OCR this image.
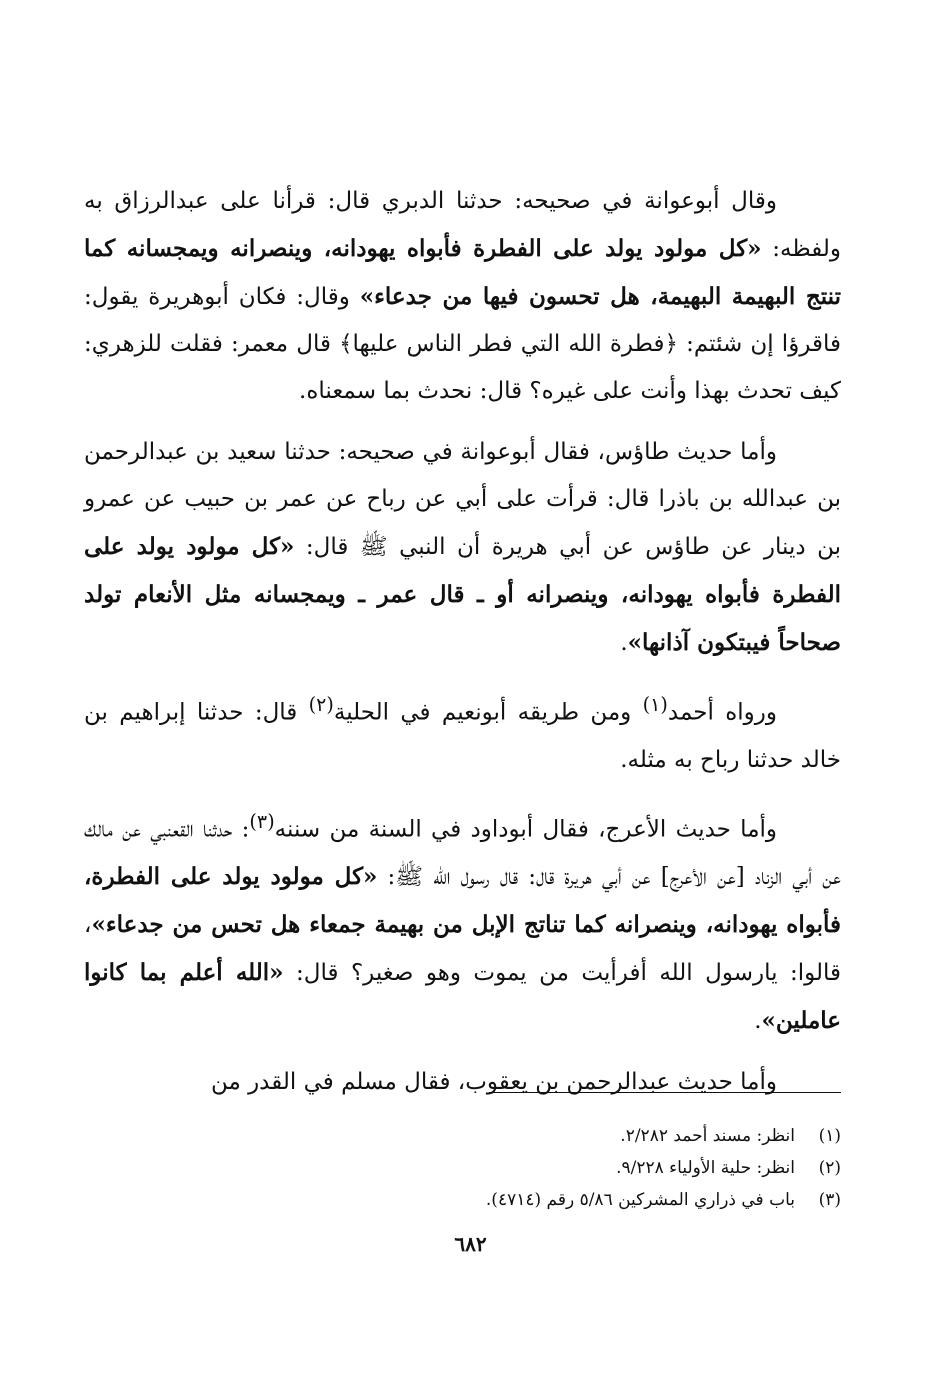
وقال أبوعوانة في صحيحه: حدثنا الدبري قال: قرأنا على عبدالرزاق به ولفظه: «كل مولود يولد على الفطرة فأبواه يهودانه، وينصرانه ويمجسانه كما تنتج البهيمة البهيمة، هل تحسون فيها من جدعاء» وقال: فكان أبوهريرة يقول: فاقرؤا إن شئتم: ﴿فطرة الله التي فطر الناس عليها﴾ قال معمر: فقلت للزهري: كيف تحدث بهذا وأنت على غيره؟ قال: نحدث بما سمعناه.

وأما حديث طاؤس، فقال أبوعوانة في صحيحه: حدثنا سعيد بن عبدالرحمن بن عبدالله بن باذرا قال: قرأت على أبي عن رباح عن عمر بن حبيب عن عمرو بن دينار عن طاؤس عن أبي هريرة أن النبي ﷺ قال: «كل مولود يولد على الفطرة فأبواه يهودانه، وينصرانه أو ـ قال عمر ـ ويمجسانه مثل الأنعام تولد صحاحاً فيبتكون آذانها».

ورواه أحمد$^{(١)}$ ومن طريقه أبونعيم في الحلية$^{(٢)}$ قال: حدثنا إبراهيم بن خالد حدثنا رباح به مثله.

وأما حديث الأعرج، فقال أبوداود في السنة من سننه$^{(٣)}$: حدثنا القعنبي عن مالك عن أبي الزناد [عن الأعرج] عن أبي هريرة قال: قال رسول الله ﷺ: «كل مولود يولد على الفطرة، فأبواه يهودانه، وينصرانه كما تناتج الإبل من بهيمة جمعاء هل تحس من جدعاء»، قالوا: يارسول الله أفرأيت من يموت وهو صغير؟ قال: «الله أعلم بما كانوا عاملين».

وأما حديث عبدالرحمن بن يعقوب، فقال مسلم في القدر من

(١)انظر: مسند أحمد ٢/٢٨٢.

(٢)انظر: حلية الأولياء ٩/٢٢٨.

(٣)باب في ذراري المشركين ٥/٨٦ رقم (٤٧١٤).

٦٨٢
